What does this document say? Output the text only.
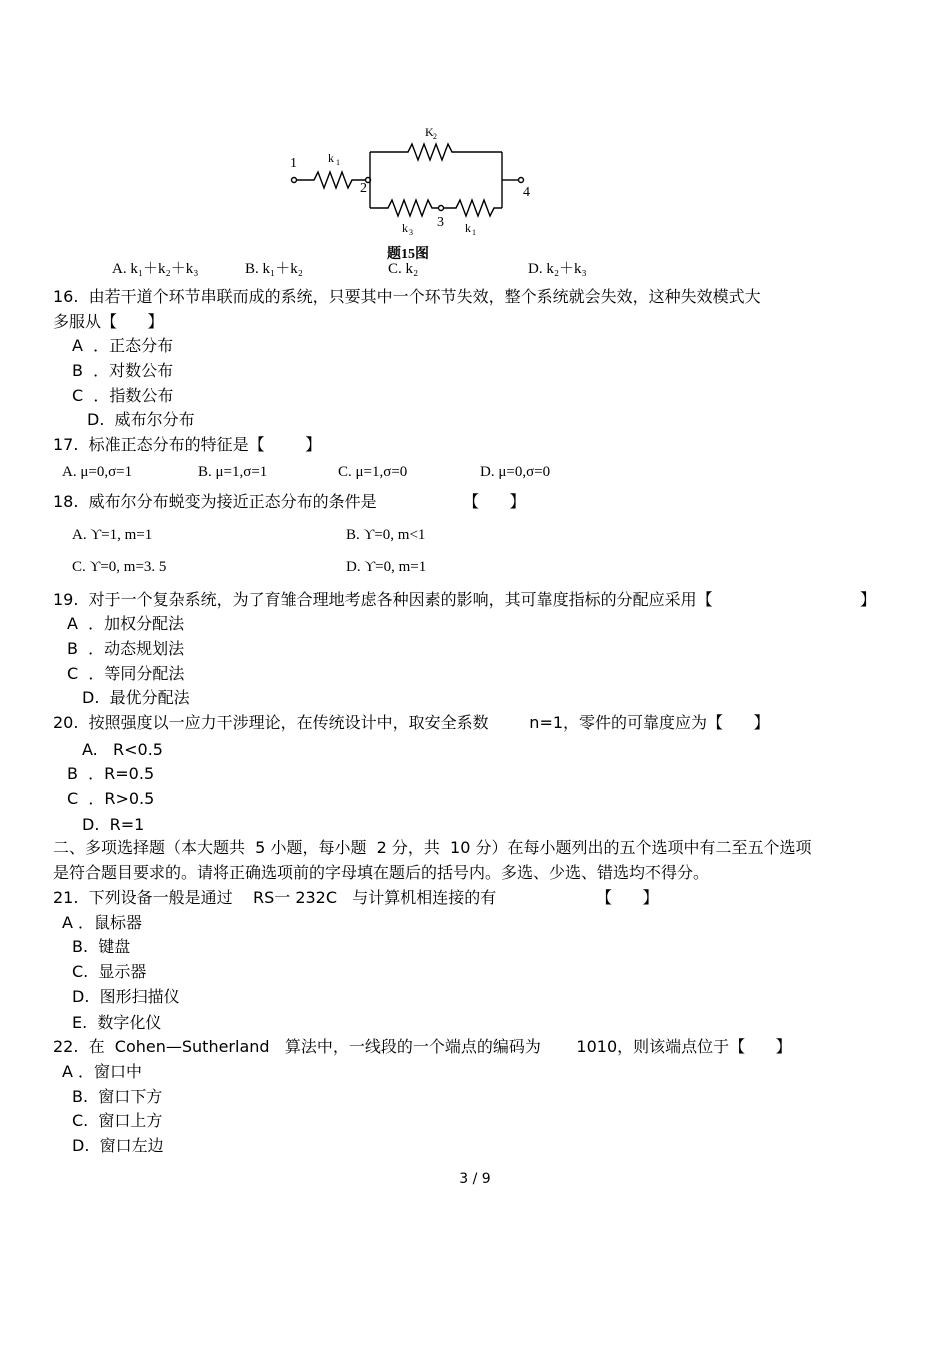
1
2
3
4
k 1
K 2
k 3	k 1
题15图
A. k₁＋k₂＋k₃	B. k₁＋k₂	C. k₂	D. k₂＋k₃
16.  由若干道个环节串联而成的系统，只要其中一个环节失效，整个系统就会失效，这种失效模式大
多服从【      】
A  ．正态分布
B  ．对数公布
C  ．指数公布
D.  威布尔分布
17.  标准正态分布的特征是【        】
A. μ=0,σ=1	B. μ=1,σ=1	C. μ=1,σ=0	D. μ=0,σ=0
18.  威布尔分布蜕变为接近正态分布的条件是	【      】
A. ϒ=1, m=1	B. ϒ=0, m<1
C. ϒ=0, m=3. 5	D. ϒ=0, m=1
19.  对于一个复杂系统，为了育雏合理地考虑各种因素的影响，其可靠度指标的分配应采用【	】
A  ．加权分配法
B  ．动态规划法
C  ．等同分配法
D.  最优分配法
20.  按照强度以一应力干涉理论，在传统设计中，取安全系数        n=1，零件的可靠度应为【      】
A.   R<0.5
B  ．R=0.5
C  ．R>0.5
D.  R=1
二、多项选择题（本大题共  5 小题，每小题  2 分，共  10 分）在每小题列出的五个选项中有二至五个选项
是符合题目要求的。请将正确选项前的字母填在题后的括号内。多选、少选、错选均不得分。
21.  下列设备一般是通过    RS一 232C   与计算机相连接的有	【      】
A ．鼠标器
B.  键盘
C.  显示器
D.  图形扫描仪
E.  数字化仪
22.  在  Cohen—Sutherland   算法中，一线段的一个端点的编码为       1010，则该端点位于【      】
A ．窗口中
B.  窗口下方
C.  窗口上方
D.  窗口左边
3 / 9
